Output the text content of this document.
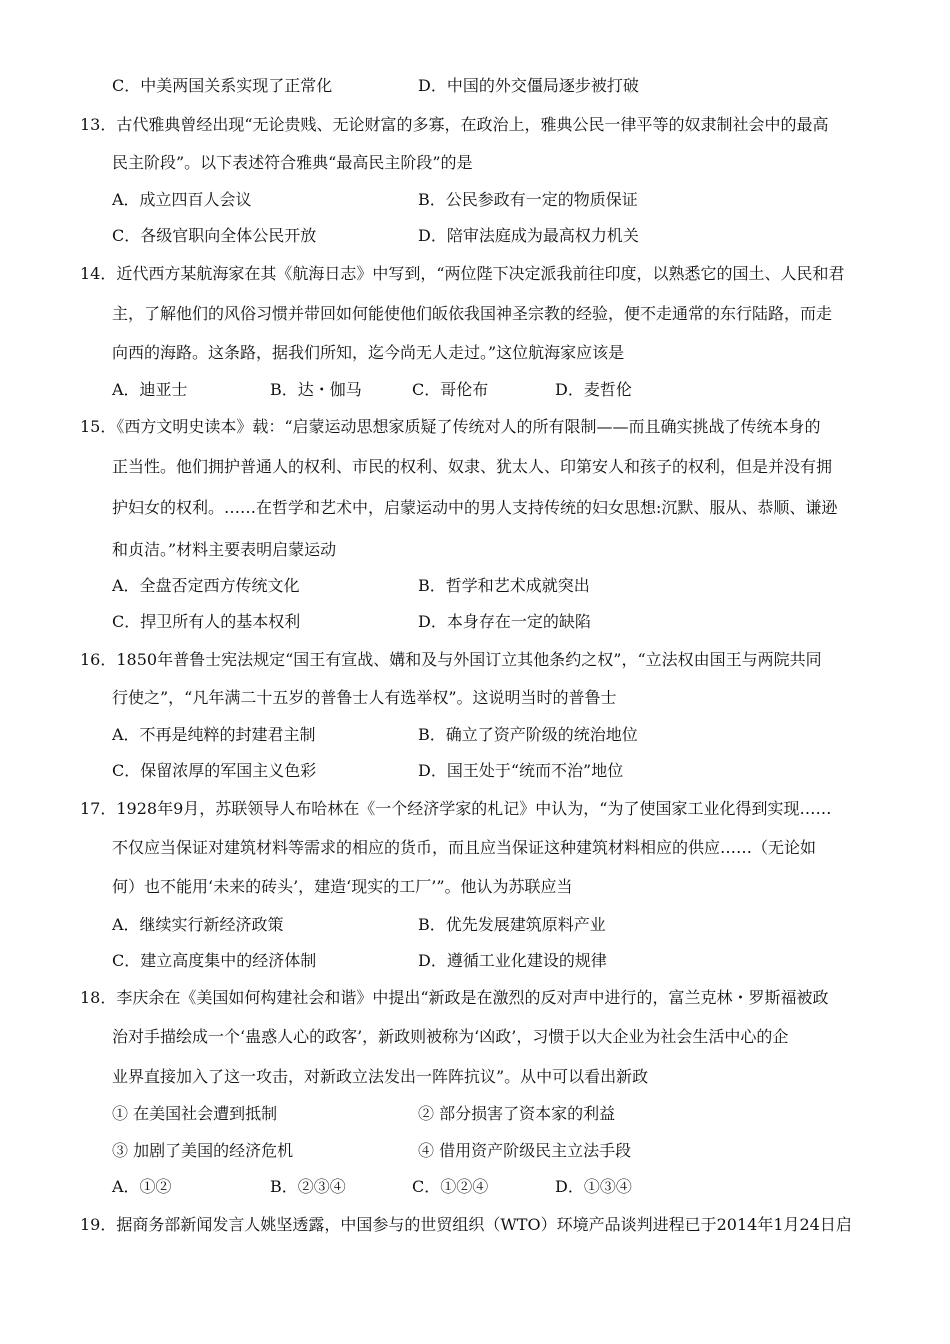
C．中美两国关系实现了正常化	D．中国的外交僵局逐步被打破
13．古代雅典曾经出现“无论贵贱、无论财富的多寡，在政治上，雅典公民一律平等的奴隶制社会中的最高
民主阶段”。以下表述符合雅典“最高民主阶段”的是
A．成立四百人会议	B．公民参政有一定的物质保证
C．各级官职向全体公民开放	D．陪审法庭成为最高权力机关
14．近代西方某航海家在其《航海日志》中写到，“两位陛下决定派我前往印度，以熟悉它的国土、人民和君
主，了解他们的风俗习惯并带回如何能使他们皈依我国神圣宗教的经验，便不走通常的东行陆路，而走
向西的海路。这条路，据我们所知，迄今尚无人走过。”这位航海家应该是
A．迪亚士	B．达・伽马	C．哥伦布	D．麦哲伦
15．《西方文明史读本》载：“启蒙运动思想家质疑了传统对人的所有限制——而且确实挑战了传统本身的
正当性。他们拥护普通人的权利、市民的权利、奴隶、犹太人、印第安人和孩子的权利，但是并没有拥
护妇女的权利。……在哲学和艺术中，启蒙运动中的男人支持传统的妇女思想:沉默、服从、恭顺、谦逊
和贞洁。”材料主要表明启蒙运动
A．全盘否定西方传统文化	B．哲学和艺术成就突出
C．捍卫所有人的基本权利	D．本身存在一定的缺陷
16．1850年普鲁士宪法规定“国王有宣战、媾和及与外国订立其他条约之权”，“立法权由国王与两院共同
行使之”，“凡年满二十五岁的普鲁士人有选举权”。这说明当时的普鲁士
A．不再是纯粹的封建君主制	B．确立了资产阶级的统治地位
C．保留浓厚的军国主义色彩	D．国王处于“统而不治”地位
17．1928年9月，苏联领导人布哈林在《一个经济学家的札记》中认为，“为了使国家工业化得到实现……
不仅应当保证对建筑材料等需求的相应的货币，而且应当保证这种建筑材料相应的供应……（无论如
何）也不能用‘未来的砖头’，建造‘现实的工厂’”。他认为苏联应当
A．继续实行新经济政策	B．优先发展建筑原料产业
C．建立高度集中的经济体制	D．遵循工业化建设的规律
18．李庆余在《美国如何构建社会和谐》中提出“新政是在激烈的反对声中进行的，富兰克林・罗斯福被政
治对手描绘成一个‘蛊惑人心的政客’，新政则被称为‘凶政’，习惯于以大企业为社会生活中心的企
业界直接加入了这一攻击，对新政立法发出一阵阵抗议”。从中可以看出新政
① 在美国社会遭到抵制	② 部分损害了资本家的利益
③ 加剧了美国的经济危机	④ 借用资产阶级民主立法手段
A．①②	B．②③④	C．①②④	D．①③④
19．据商务部新闻发言人姚坚透露，中国参与的世贸组织（WTO）环境产品谈判进程已于2014年1月24日启
